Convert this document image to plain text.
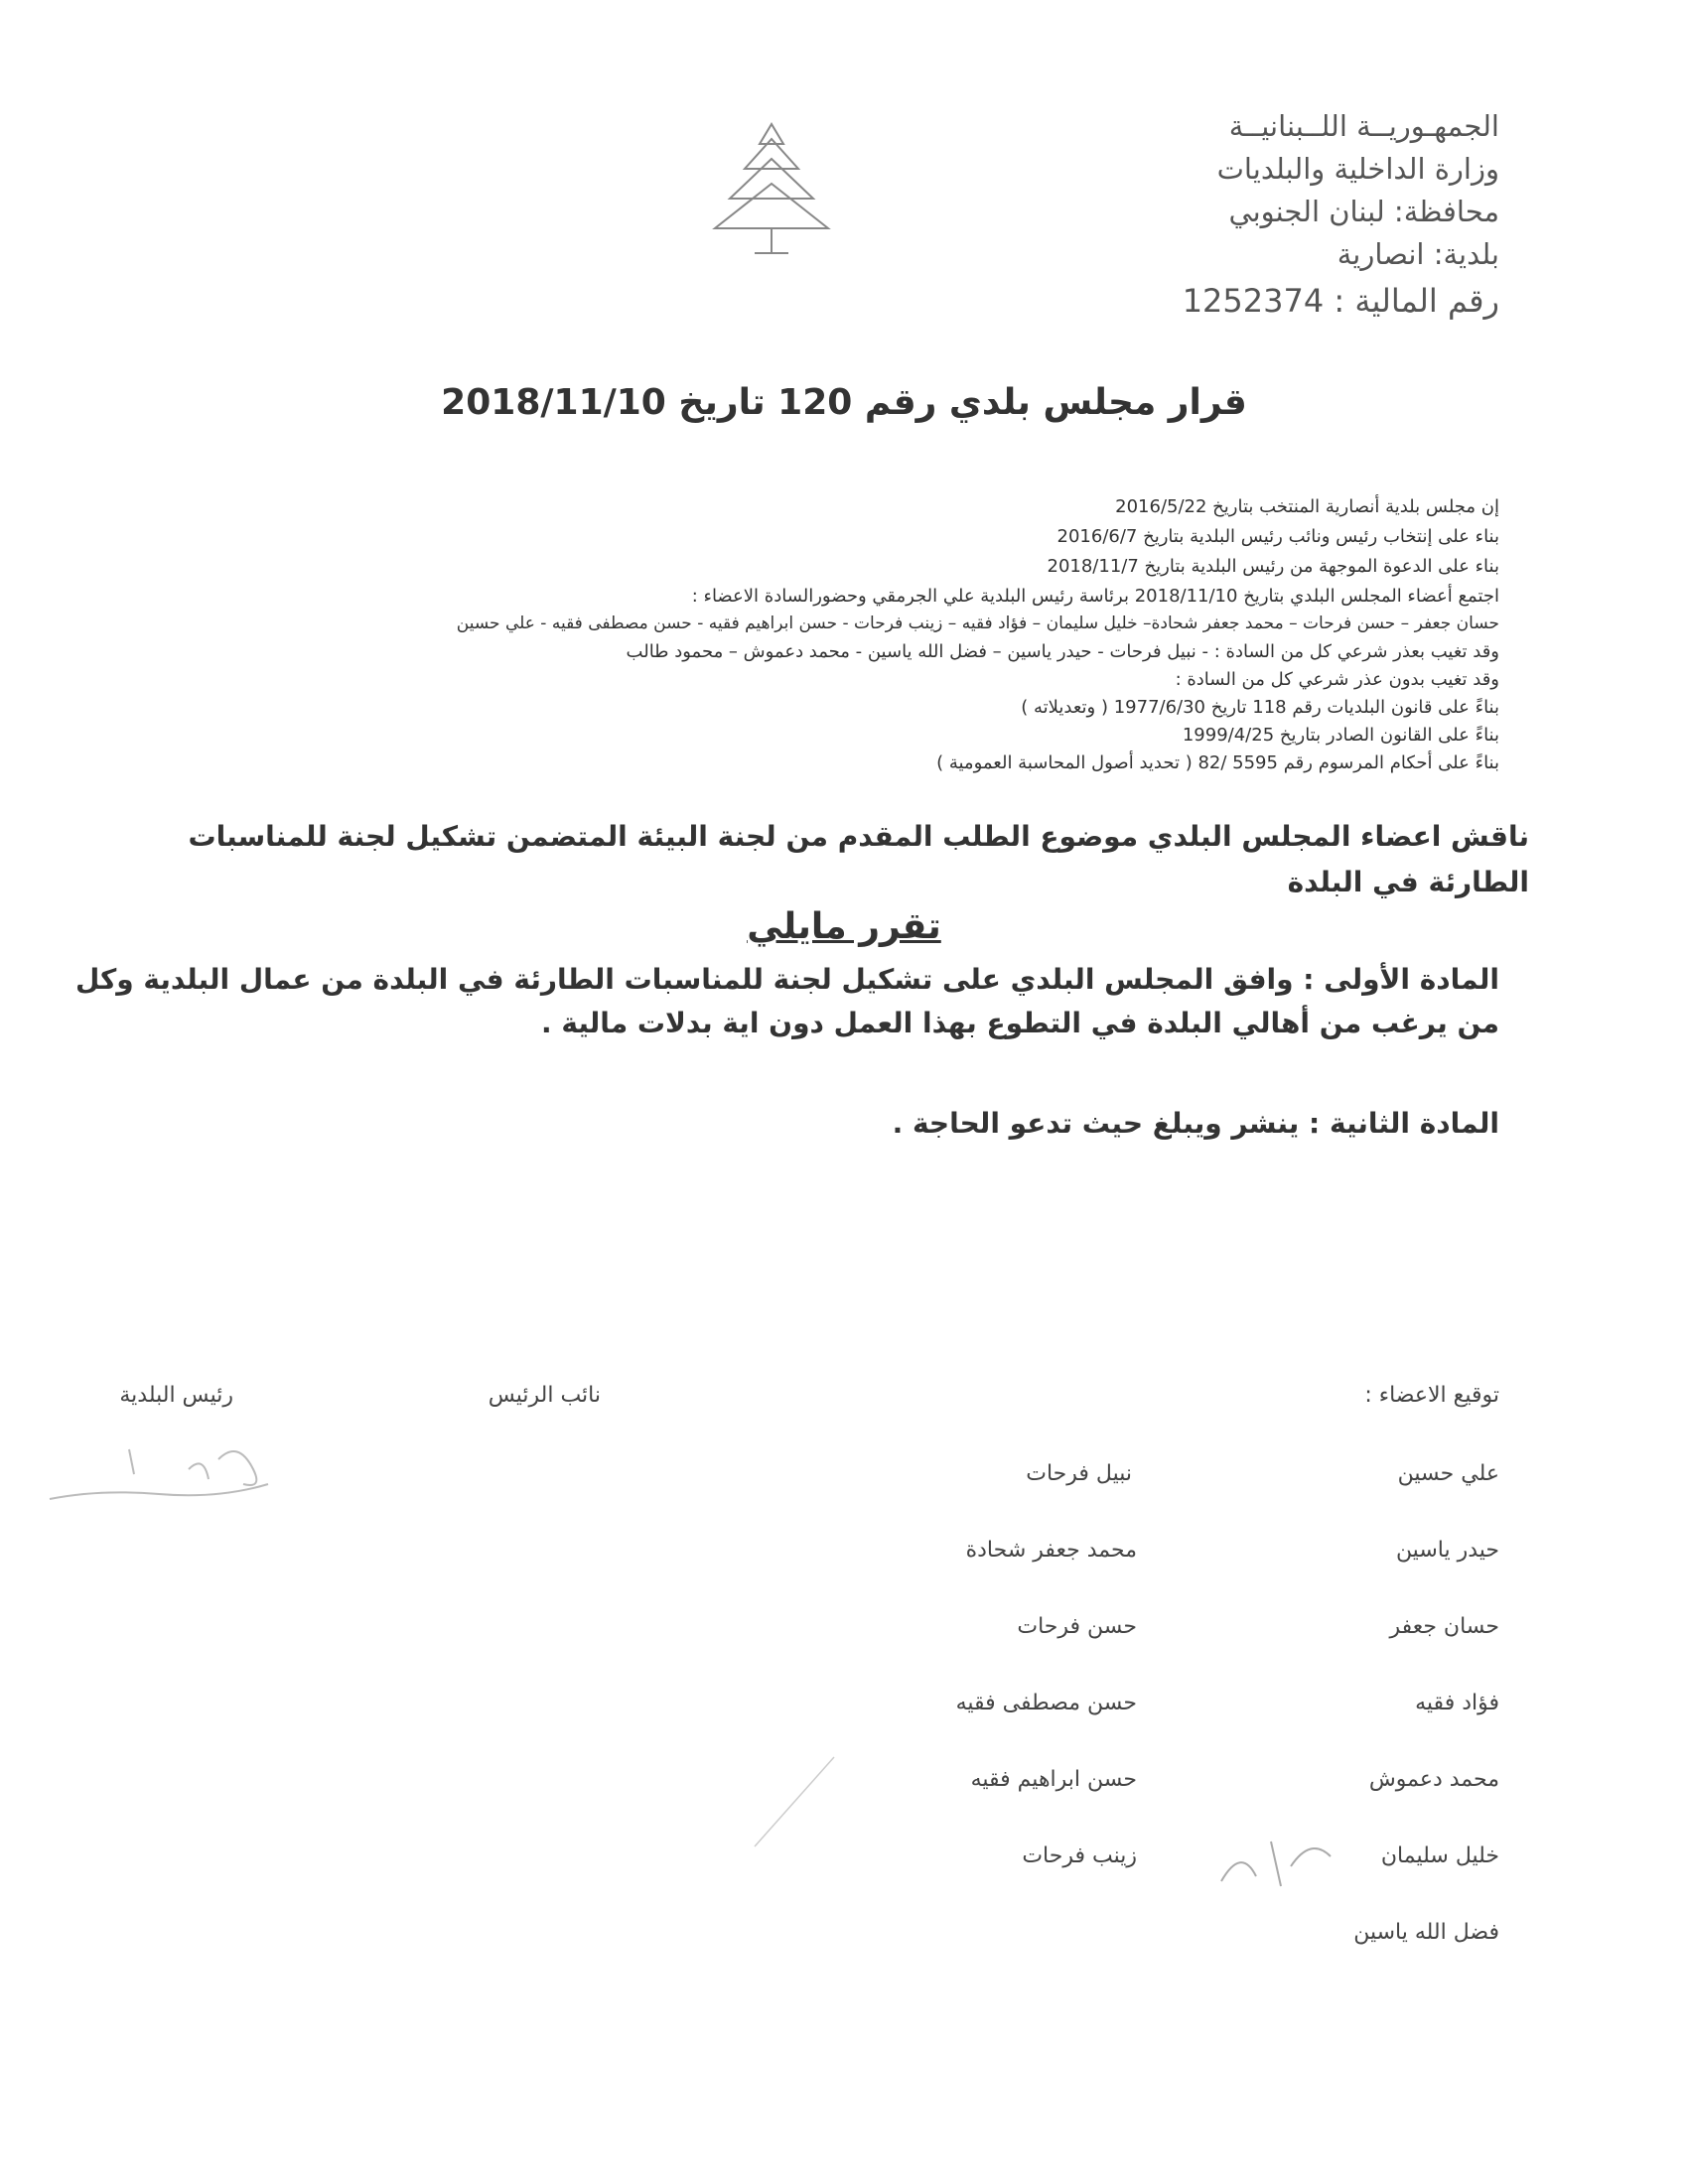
الجمهـوريــة اللــبنانيــة
وزارة الداخلية والبلديات
محافظة: لبنان الجنوبي
بلدية: انصارية
رقم المالية : 1252374
قرار مجلس بلدي رقم 120 تاريخ 2018/11/10
إن مجلس بلدية أنصارية المنتخب بتاريخ 2016/5/22
بناء على إنتخاب رئيس ونائب رئيس البلدية بتاريخ 2016/6/7
بناء على الدعوة الموجهة من رئيس البلدية بتاريخ 2018/11/7
اجتمع أعضاء المجلس البلدي بتاريخ 2018/11/10 برئاسة رئيس البلدية علي الجرمقي وحضورالسادة الاعضاء :
حسان جعفر – حسن فرحات – محمد جعفر شحادة– خليل سليمان – فؤاد فقيه – زينب فرحات - حسن ابراهيم فقيه - حسن مصطفى فقيه - علي حسين
وقد تغيب بعذر شرعي كل من السادة : - نبيل فرحات - حيدر ياسين – فضل الله ياسين - محمد دعموش – محمود طالب
وقد تغيب بدون عذر شرعي كل من السادة :
بناءً على قانون البلديات رقم 118 تاريخ 1977/6/30 ( وتعديلاته )
بناءً على القانون الصادر بتاريخ 1999/4/25
بناءً على أحكام المرسوم رقم 5595 /82 ( تحديد أصول المحاسبة العمومية )
ناقش اعضاء المجلس البلدي موضوع الطلب المقدم من لجنة البيئة المتضمن تشكيل لجنة للمناسبات الطارئة في البلدة
تقرر مايلي
المادة الأولى : وافق المجلس البلدي على تشكيل لجنة للمناسبات الطارئة في البلدة من عمال البلدية وكل من يرغب من أهالي البلدة في التطوع بهذا العمل دون اية بدلات مالية .
المادة الثانية : ينشر ويبلغ حيث تدعو الحاجة .
توقيع الاعضاء :
نائب الرئيس
رئيس البلدية
علي حسين
حيدر ياسين
حسان جعفر
فؤاد فقيه
محمد دعموش
خليل سليمان
فضل الله ياسين
نبيل فرحات
محمد جعفر شحادة
حسن فرحات
حسن مصطفى فقيه
حسن ابراهيم فقيه
زينب فرحات
